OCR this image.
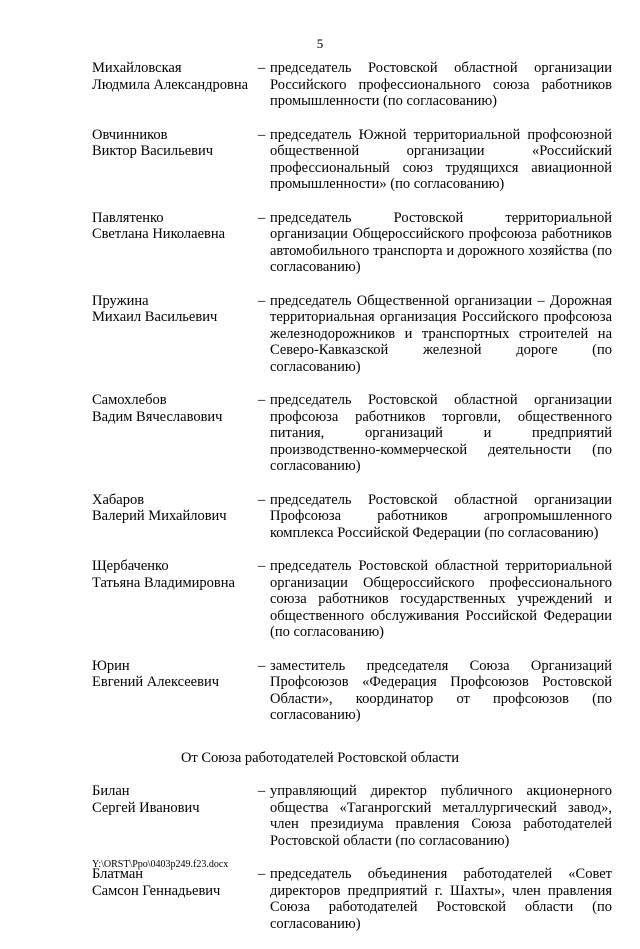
5
Михайловская
Людмила Александровна
– председатель Ростовской областной организации Российского профессионального союза работников промышленности (по согласованию)
Овчинников
Виктор Васильевич
– председатель Южной территориальной профсоюзной общественной организации «Российский профессиональный союз трудящихся авиационной промышленности» (по согласованию)
Павлятенко
Светлана Николаевна
– председатель Ростовской территориальной организации Общероссийского профсоюза работников автомобильного транспорта и дорожного хозяйства (по согласованию)
Пружина
Михаил Васильевич
– председатель Общественной организации – Дорожная территориальная организация Российского профсоюза железнодорожников и транспортных строителей на Северо-Кавказской железной дороге (по согласованию)
Самохлебов
Вадим Вячеславович
– председатель Ростовской областной организации профсоюза работников торговли, общественного питания, организаций и предприятий производственно-коммерческой деятельности (по согласованию)
Хабаров
Валерий Михайлович
– председатель Ростовской областной организации Профсоюза работников агропромышленного комплекса Российской Федерации (по согласованию)
Щербаченко
Татьяна Владимировна
– председатель Ростовской областной территориальной организации Общероссийского профессионального союза работников государственных учреждений и общественного обслуживания Российской Федерации (по согласованию)
Юрин
Евгений Алексеевич
– заместитель председателя Союза Организаций Профсоюзов «Федерация Профсоюзов Ростовской Области», координатор от профсоюзов (по согласованию)
От Союза работодателей Ростовской области
Билан
Сергей Иванович
– управляющий директор публичного акционерного общества «Таганрогский металлургический завод», член президиума правления Союза работодателей Ростовской области (по согласованию)
Блатман
Самсон Геннадьевич
– председатель объединения работодателей «Совет директоров предприятий г. Шахты», член правления Союза работодателей Ростовской области (по согласованию)
Y:\ORST\Ppo\0403p249.f23.docx
